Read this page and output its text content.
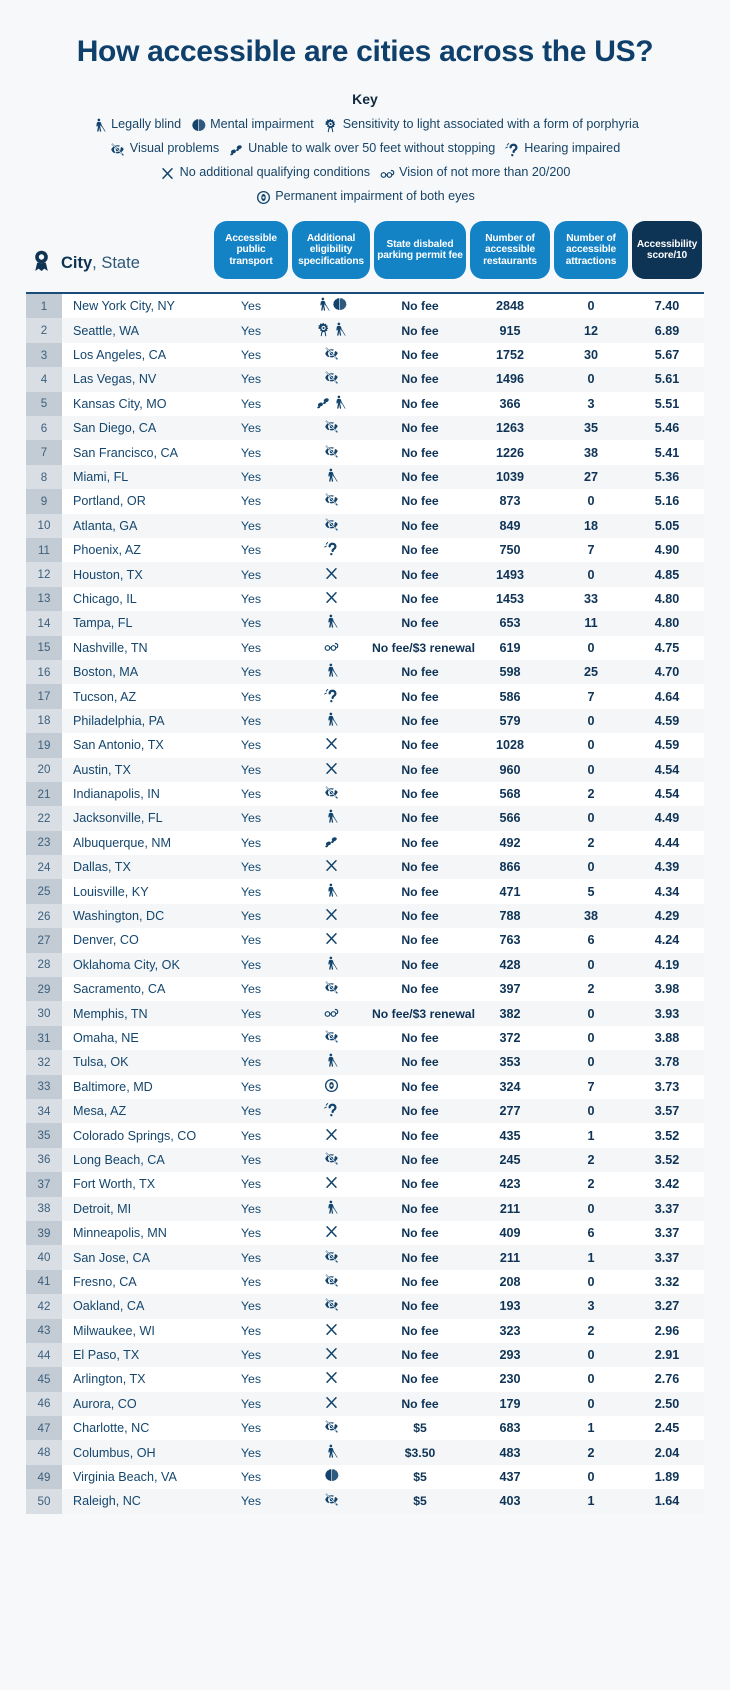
How accessible are cities across the US?
Key
Legally blind Mental impairment Sensitivity to light associated with a form of porphyria
Visual problems Unable to walk over 50 feet without stopping Hearing impaired
No additional qualifying conditions Vision of not more than 20/200
Permanent impairment of both eyes
City, State		Accessible public transport	Additional eligibility specifications	State disbaled parking permit fee	Number of accessible restaurants	Number of accessible attractions	Accessibility score/10

1	New York City, NY	Yes		No fee	2848	0	7.40
2	Seattle, WA	Yes		No fee	915	12	6.89
3	Los Angeles, CA	Yes		No fee	1752	30	5.67
4	Las Vegas, NV	Yes		No fee	1496	0	5.61
5	Kansas City, MO	Yes		No fee	366	3	5.51
6	San Diego, CA	Yes		No fee	1263	35	5.46
7	San Francisco, CA	Yes		No fee	1226	38	5.41
8	Miami, FL	Yes		No fee	1039	27	5.36
9	Portland, OR	Yes		No fee	873	0	5.16
10	Atlanta, GA	Yes		No fee	849	18	5.05
11	Phoenix, AZ	Yes		No fee	750	7	4.90
12	Houston, TX	Yes		No fee	1493	0	4.85
13	Chicago, IL	Yes		No fee	1453	33	4.80
14	Tampa, FL	Yes		No fee	653	11	4.80
15	Nashville, TN	Yes		No fee/$3 renewal	619	0	4.75
16	Boston, MA	Yes		No fee	598	25	4.70
17	Tucson, AZ	Yes		No fee	586	7	4.64
18	Philadelphia, PA	Yes		No fee	579	0	4.59
19	San Antonio, TX	Yes		No fee	1028	0	4.59
20	Austin, TX	Yes		No fee	960	0	4.54
21	Indianapolis, IN	Yes		No fee	568	2	4.54
22	Jacksonville, FL	Yes		No fee	566	0	4.49
23	Albuquerque, NM	Yes		No fee	492	2	4.44
24	Dallas, TX	Yes		No fee	866	0	4.39
25	Louisville, KY	Yes		No fee	471	5	4.34
26	Washington, DC	Yes		No fee	788	38	4.29
27	Denver, CO	Yes		No fee	763	6	4.24
28	Oklahoma City, OK	Yes		No fee	428	0	4.19
29	Sacramento, CA	Yes		No fee	397	2	3.98
30	Memphis, TN	Yes		No fee/$3 renewal	382	0	3.93
31	Omaha, NE	Yes		No fee	372	0	3.88
32	Tulsa, OK	Yes		No fee	353	0	3.78
33	Baltimore, MD	Yes		No fee	324	7	3.73
34	Mesa, AZ	Yes		No fee	277	0	3.57
35	Colorado Springs, CO	Yes		No fee	435	1	3.52
36	Long Beach, CA	Yes		No fee	245	2	3.52
37	Fort Worth, TX	Yes		No fee	423	2	3.42
38	Detroit, MI	Yes		No fee	211	0	3.37
39	Minneapolis, MN	Yes		No fee	409	6	3.37
40	San Jose, CA	Yes		No fee	211	1	3.37
41	Fresno, CA	Yes		No fee	208	0	3.32
42	Oakland, CA	Yes		No fee	193	3	3.27
43	Milwaukee, WI	Yes		No fee	323	2	2.96
44	El Paso, TX	Yes		No fee	293	0	2.91
45	Arlington, TX	Yes		No fee	230	0	2.76
46	Aurora, CO	Yes		No fee	179	0	2.50
47	Charlotte, NC	Yes		$5	683	1	2.45
48	Columbus, OH	Yes		$3.50	483	2	2.04
49	Virginia Beach, VA	Yes		$5	437	0	1.89
50	Raleigh, NC	Yes		$5	403	1	1.64
